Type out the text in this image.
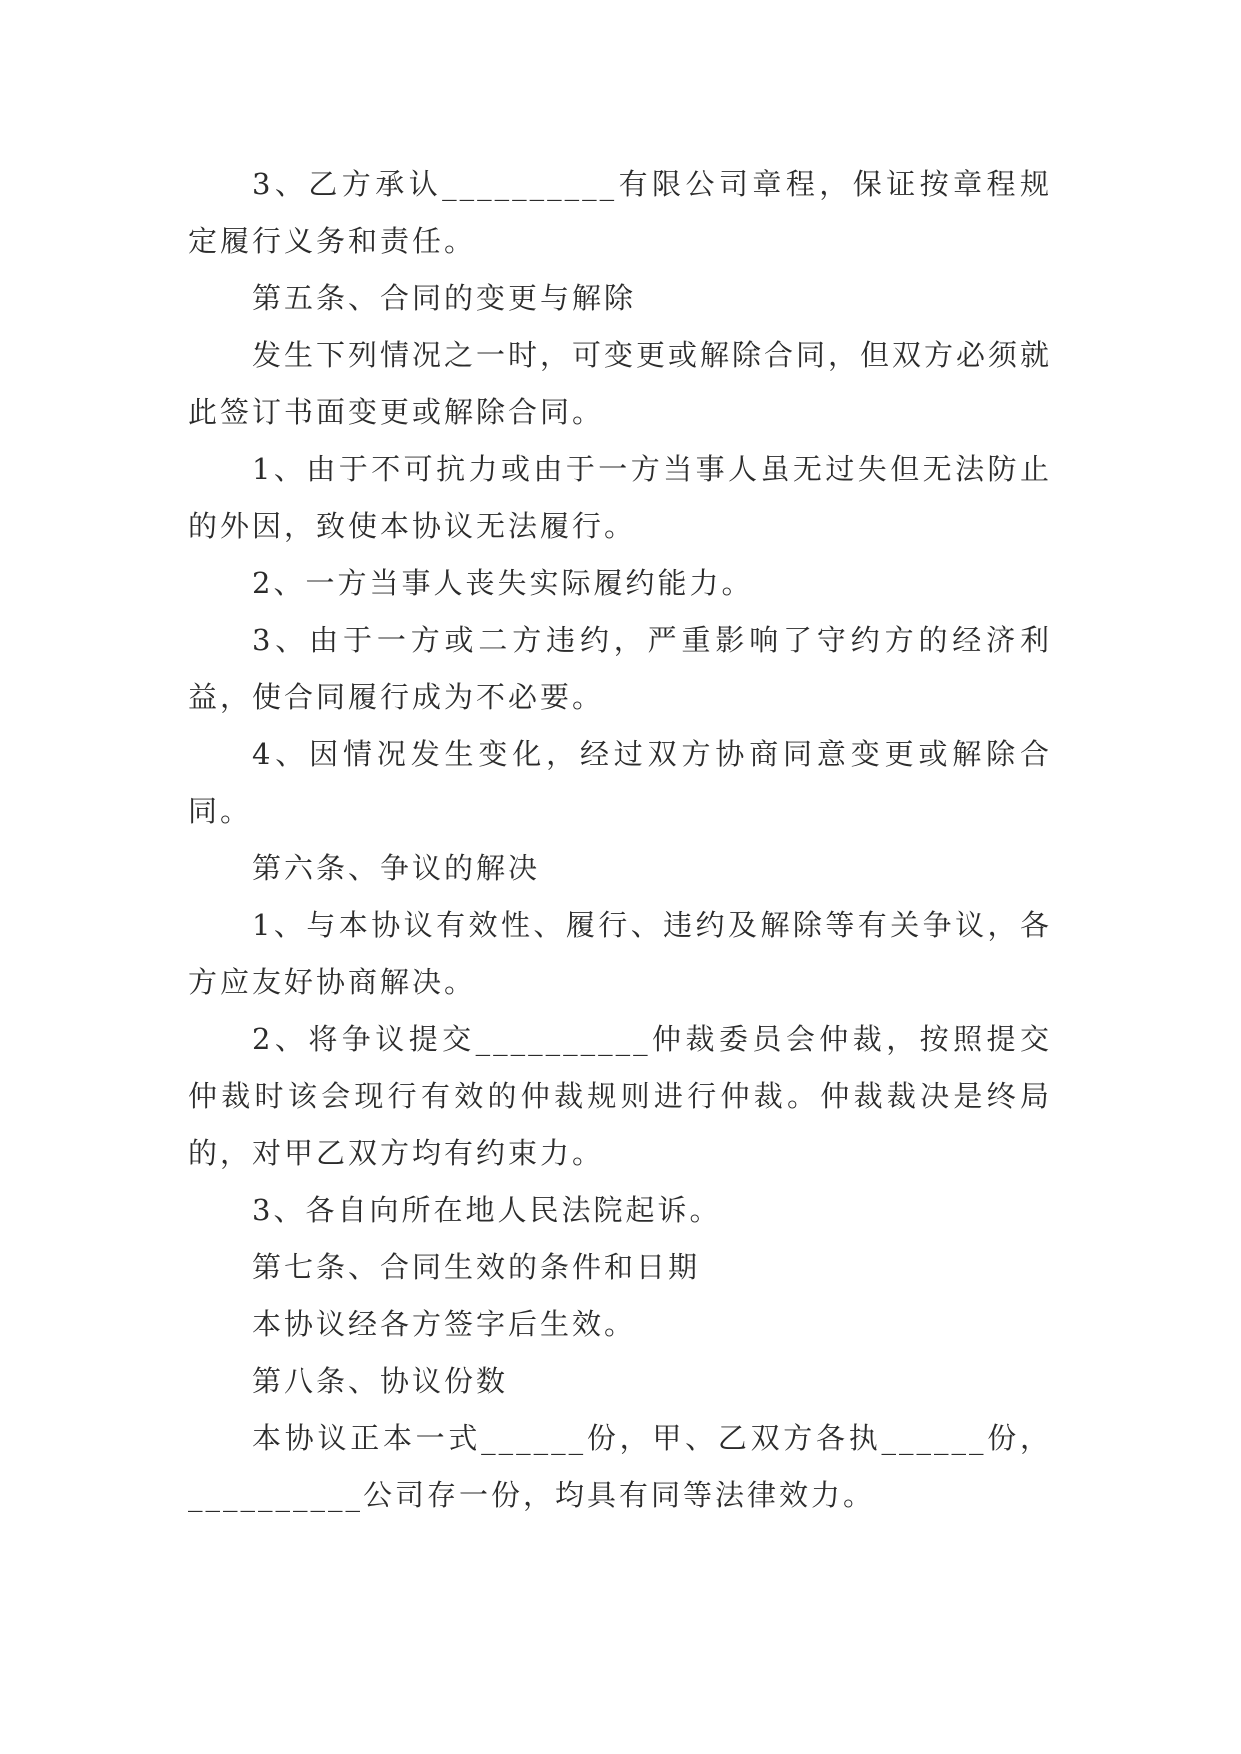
3、乙方承认__________有限公司章程，保证按章程规定履行义务和责任。

第五条、合同的变更与解除

发生下列情况之一时，可变更或解除合同，但双方必须就此签订书面变更或解除合同。

1、由于不可抗力或由于一方当事人虽无过失但无法防止的外因，致使本协议无法履行。

2、一方当事人丧失实际履约能力。

3、由于一方或二方违约，严重影响了守约方的经济利益，使合同履行成为不必要。

4、因情况发生变化，经过双方协商同意变更或解除合同。

第六条、争议的解决

1、与本协议有效性、履行、违约及解除等有关争议，各方应友好协商解决。

2、将争议提交__________仲裁委员会仲裁，按照提交仲裁时该会现行有效的仲裁规则进行仲裁。仲裁裁决是终局的，对甲乙双方均有约束力。

3、各自向所在地人民法院起诉。

第七条、合同生效的条件和日期

本协议经各方签字后生效。

第八条、协议份数

本协议正本一式______份，甲、乙双方各执______份，__________公司存一份，均具有同等法律效力。
